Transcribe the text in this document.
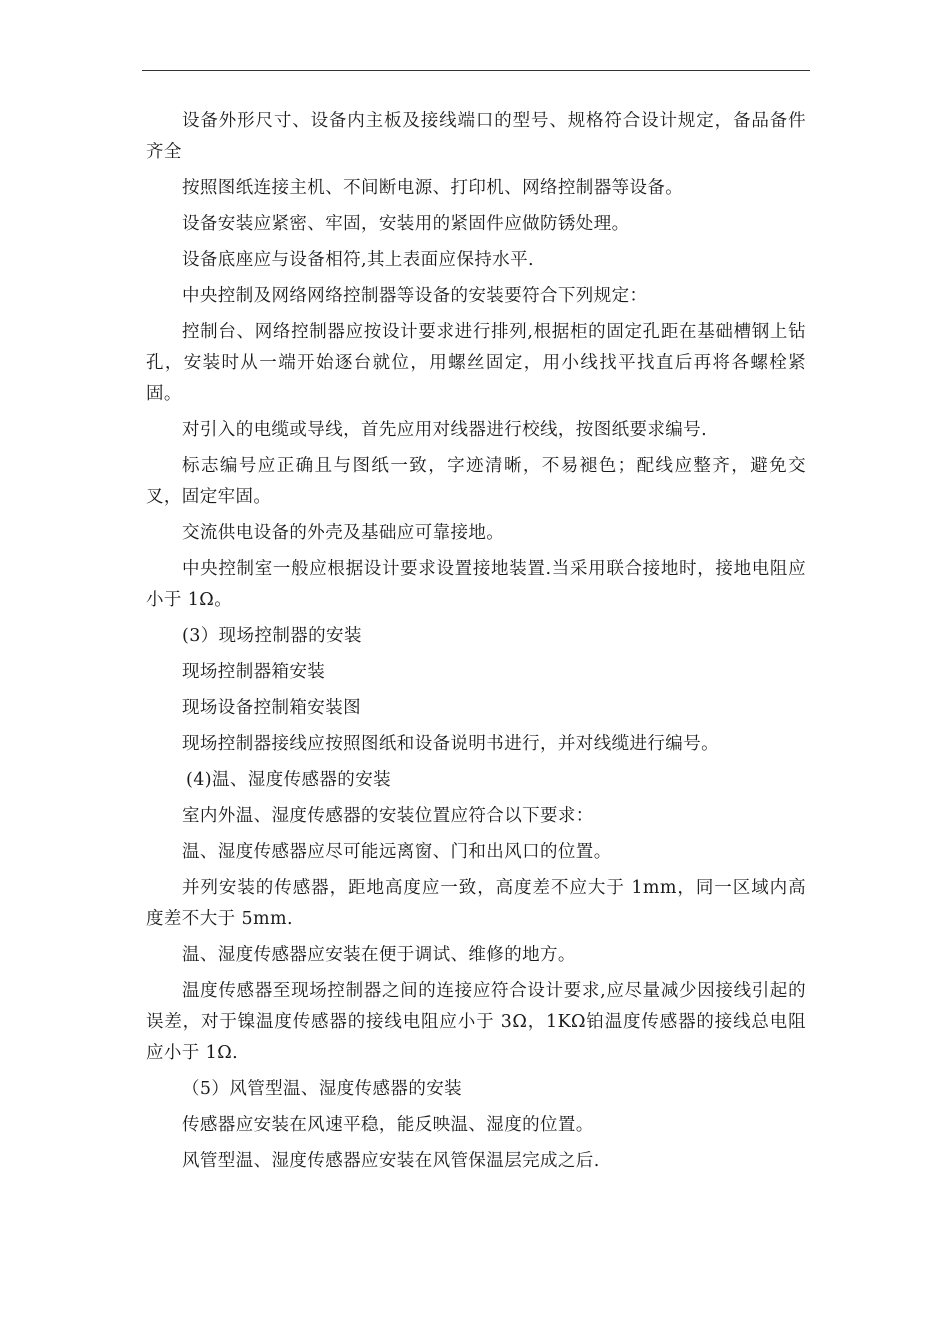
设备外形尺寸、设备内主板及接线端口的型号、规格符合设计规定，备品备件齐全

按照图纸连接主机、不间断电源、打印机、网络控制器等设备。

设备安装应紧密、牢固，安装用的紧固件应做防锈处理。

设备底座应与设备相符,其上表面应保持水平.

中央控制及网络网络控制器等设备的安装要符合下列规定：

控制台、网络控制器应按设计要求进行排列,根据柜的固定孔距在基础槽钢上钻孔，安装时从一端开始逐台就位，用螺丝固定，用小线找平找直后再将各螺栓紧固。

对引入的电缆或导线，首先应用对线器进行校线，按图纸要求编号.

标志编号应正确且与图纸一致，字迹清晰，不易褪色；配线应整齐，避免交叉，固定牢固。

交流供电设备的外壳及基础应可靠接地。

中央控制室一般应根据设计要求设置接地装置.当采用联合接地时，接地电阻应小于 1Ω。

(3）现场控制器的安装

现场控制器箱安装

现场设备控制箱安装图

现场控制器接线应按照图纸和设备说明书进行，并对线缆进行编号。

(4)温、湿度传感器的安装

室内外温、湿度传感器的安装位置应符合以下要求：

温、湿度传感器应尽可能远离窗、门和出风口的位置。

并列安装的传感器，距地高度应一致，高度差不应大于 1mm，同一区域内高度差不大于 5mm.

温、湿度传感器应安装在便于调试、维修的地方。

温度传感器至现场控制器之间的连接应符合设计要求,应尽量减少因接线引起的误差，对于镍温度传感器的接线电阻应小于 3Ω，1KΩ铂温度传感器的接线总电阻应小于 1Ω.

（5）风管型温、湿度传感器的安装

传感器应安装在风速平稳，能反映温、湿度的位置。

风管型温、湿度传感器应安装在风管保温层完成之后.
